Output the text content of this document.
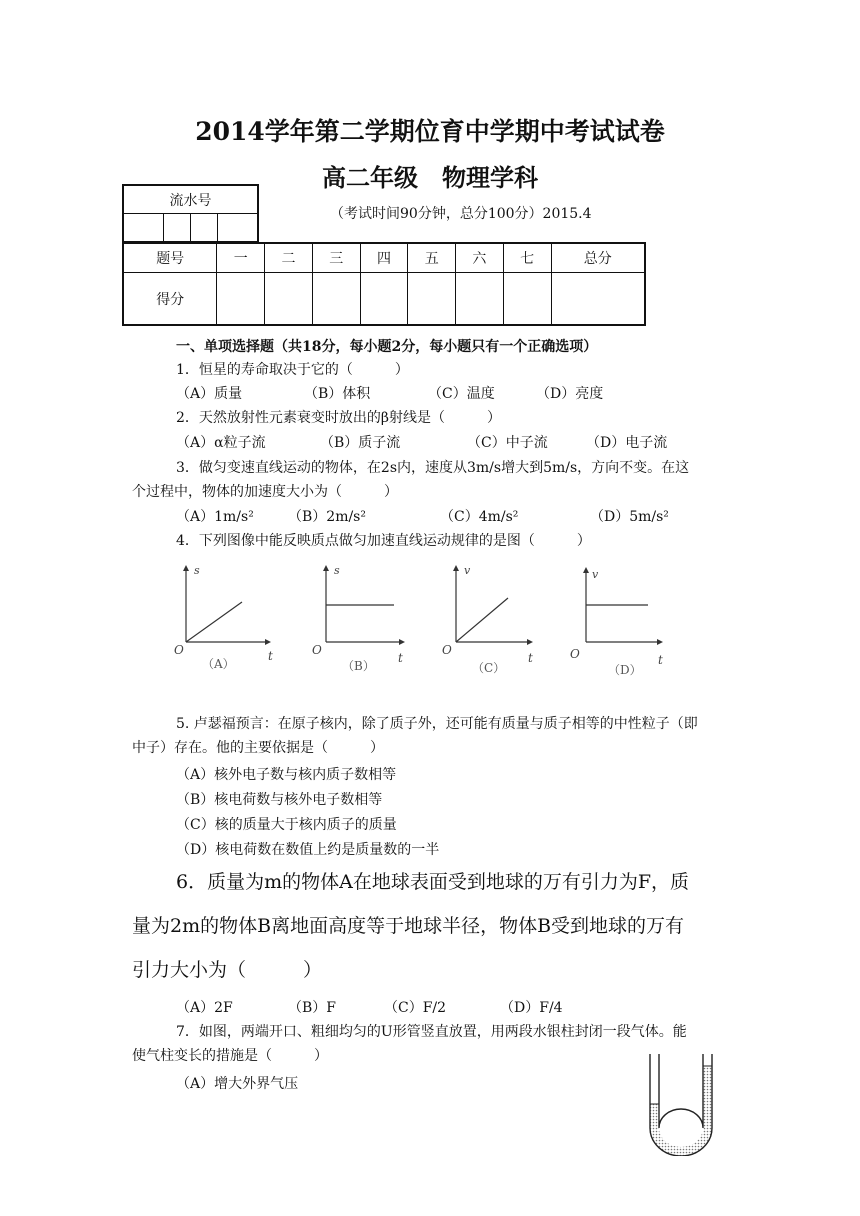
2014学年第二学期位育中学期中考试试卷
高二年级　物理学科
流水号

（考试时间90分钟，总分100分）2015.4
题号	一	二	三	四	五	六	七	总分
得分								
一、单项选择题（共18分，每小题2分，每小题只有一个正确选项）
1．恒星的寿命取决于它的（　　　）
（A）质量	（B）体积	（C）温度	（D）亮度
2．天然放射性元素衰变时放出的β射线是（　　　）
（A）α粒子流	（B）质子流	（C）中子流	（D）电子流
3．做匀变速直线运动的物体，在2s内，速度从3m/s增大到5m/s，方向不变。在这
个过程中，物体的加速度大小为（　　　）
（A）1m/s² （B）2m/s²	（C）4m/s²	（D）5m/s²
4．下列图像中能反映质点做匀加速直线运动规律的是图（　　　）
s
O	t
（A）
s
O
t
（B）
v
O
t
（C）
v
O	t
（D）
5. 卢瑟福预言：在原子核内，除了质子外，还可能有质量与质子相等的中性粒子（即
中子）存在。他的主要依据是（　　　）
（A）核外电子数与核内质子数相等
（B）核电荷数与核外电子数相等
（C）核的质量大于核内质子的质量
（D）核电荷数在数值上约是质量数的一半
6．质量为m的物体A在地球表面受到地球的万有引力为F，质
量为2m的物体B离地面高度等于地球半径，物体B受到地球的万有
引力大小为（　　　）
（A）2F	（B）F	（C）F/2	（D）F/4
7．如图，两端开口、粗细均匀的U形管竖直放置，用两段水银柱封闭一段气体。能
使气柱变长的措施是（　　　）
（A）增大外界气压
